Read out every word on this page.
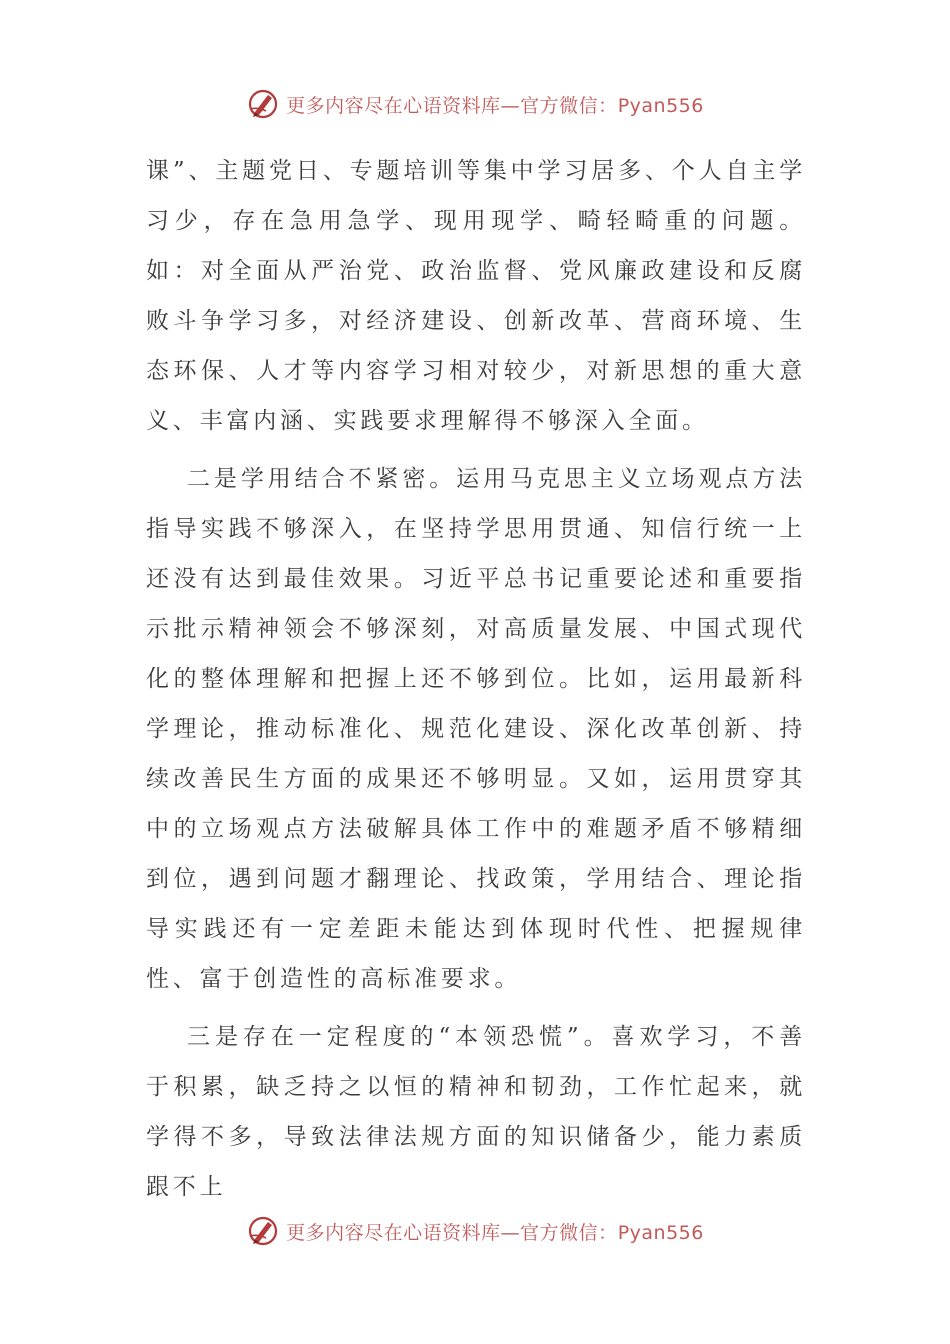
更多内容尽在心语资料库—官方微信：Pyan556

课”、主题党日、专题培训等集中学习居多、个人自主学习少，存在急用急学、现用现学、畸轻畸重的问题。如：对全面从严治党、政治监督、党风廉政建设和反腐败斗争学习多，对经济建设、创新改革、营商环境、生态环保、人才等内容学习相对较少，对新思想的重大意义、丰富内涵、实践要求理解得不够深入全面。

二是学用结合不紧密。运用马克思主义立场观点方法指导实践不够深入，在坚持学思用贯通、知信行统一上还没有达到最佳效果。习近平总书记重要论述和重要指示批示精神领会不够深刻，对高质量发展、中国式现代化的整体理解和把握上还不够到位。比如，运用最新科学理论，推动标准化、规范化建设、深化改革创新、持续改善民生方面的成果还不够明显。又如，运用贯穿其中的立场观点方法破解具体工作中的难题矛盾不够精细到位，遇到问题才翻理论、找政策，学用结合、理论指导实践还有一定差距未能达到体现时代性、把握规律性、富于创造性的高标准要求。

三是存在一定程度的“本领恐慌”。喜欢学习，不善于积累，缺乏持之以恒的精神和韧劲，工作忙起来，就学得不多，导致法律法规方面的知识储备少，能力素质跟不上

更多内容尽在心语资料库—官方微信：Pyan556
